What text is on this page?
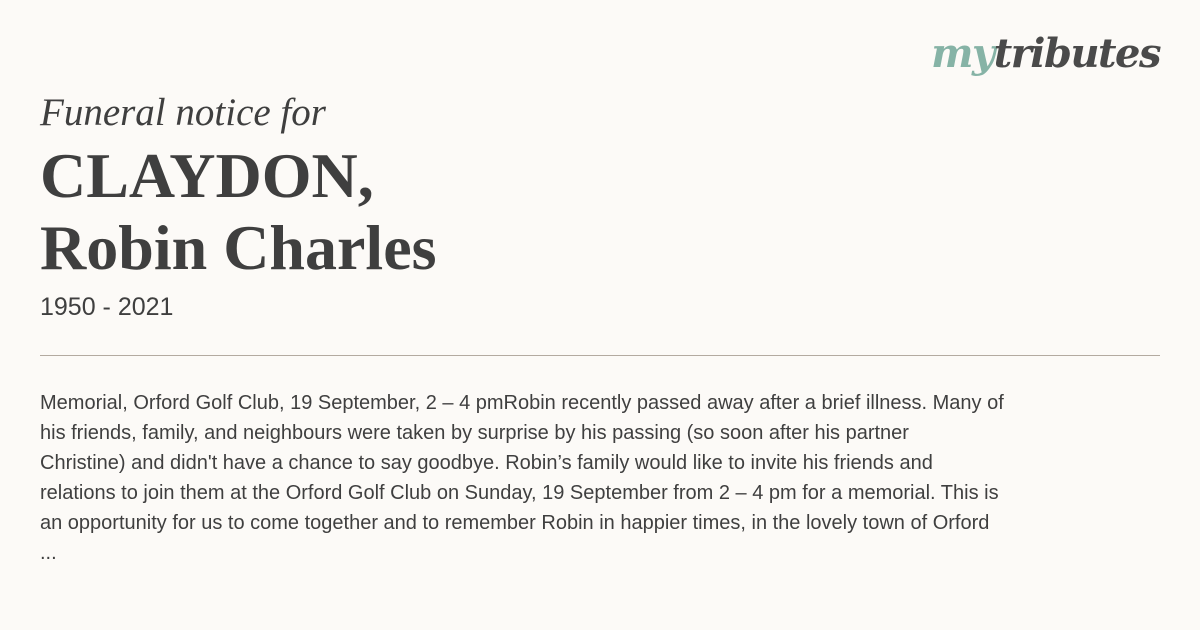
mytributes
Funeral notice for
CLAYDON,
Robin Charles
1950 - 2021
Memorial, Orford Golf Club, 19 September, 2 – 4 pmRobin recently passed away after a brief illness. Many of
his friends, family, and neighbours were taken by surprise by his passing (so soon after his partner
Christine) and didn't have a chance to say goodbye. Robin’s family would like to invite his friends and
relations to join them at the Orford Golf Club on Sunday, 19 September from 2 – 4 pm for a memorial. This is
an opportunity for us to come together and to remember Robin in happier times, in the lovely town of Orford
...
